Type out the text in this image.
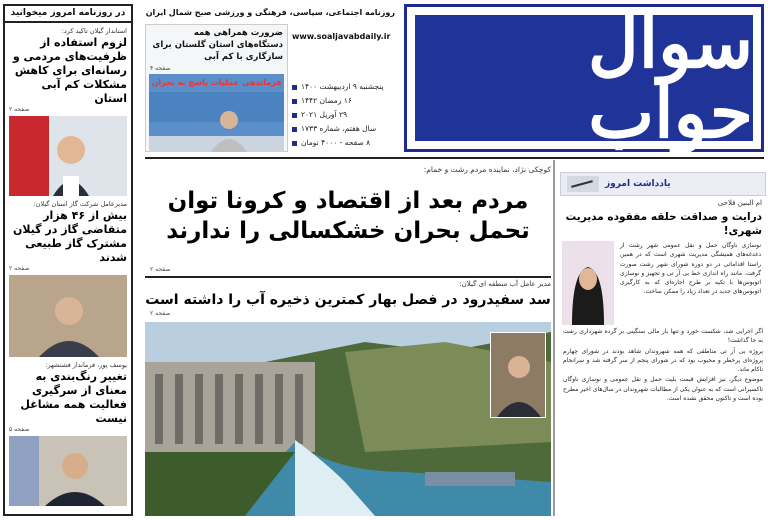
در روزنامه امروز میخوانید
استاندار گیلان تاکید کرد:
لزوم استفاده از ظرفیت‌های مردمی و رسانه‌ای برای کاهش مشکلات کم آبی استان
صفحه ۲
مدیرعامل شرکت گاز استان گیلان:
بیش از ۴۶ هزار متقاضی گاز در گیلان مشترک گاز طبیعی شدند
صفحه ۲
یوسف پور، فرماندار فشتشهر:
تغییر رنگ‌بندی به معنای از سرگیری فعالیت همه مشاغل نیست
صفحه ۵
سوال جواب
روزنامه اجتماعی، سیاسی، فرهنگی و ورزشی صبح شمال ایران
www.soaljavabdaily.ir
پنجشنبه ۹ اردیبهشت ۱۴۰۰
۱۶ رمضان ۱۴۴۲
۲۹ آوریل ۲۰۲۱
سال هفتم، شماره ۱۷۳۳
۸ صفحه - ۴۰۰۰ تومان
ضرورت همراهی همه دستگاه‌های استان گلستان برای سازگاری با کم آبی
صفحه ۴
فرماندهی عملیات پاسخ به بحران
کوچکی نژاد، نماینده مردم رشت و خمام:
مردم بعد از اقتصاد و کرونا توان
تحمل بحران خشکسالی را ندارند
صفحه ۲
مدیر عامل آب منطقه ای گیلان:
سد سفیدرود در فصل بهار کمترین ذخیره آب را داشته است
صفحه ۲
یادداشت امروز
ام البنین فلاحی
درایت و صداقت حلقه مفقوده مدیریت شهری!

نوسازی ناوگان حمل و نقل عمومی شهر رشت از دغدغه‌های همیشگی مدیریت شهری است که در همین راستا اقداماتی در دو دوره شورای شهر رشت صورت گرفت. مانند راه اندازی خط بی آر تی و تجهیز و نوسازی اتوبوس‌ها با تکیه بر طرح اجاره‌ای که به کارگیری اتوبوس‌های جدید در تعداد زیاد را ممکن ساخت.

اگر اجرایی شد، شکست خورد و تنها بار مالی سنگینی بر گرده شهرداری رشت به جا گذاشت!

پروژه بی آر تی مناطقی که همه شهروندان شاهد بودند در شورای چهارم پروژه‌ای پرخطر و محبوب بود که در شورای پنجم از سر گرفته شد و سرانجام ناکام ماند.

موضوع دیگر، نیز افزایش قیمت بلیت حمل و نقل عمومی و نوسازی ناوگان تاکسیرانی است که به عنوان یکی از مطالبات شهروندان در سال‌های اخیر مطرح بوده است و تاکنون محقق نشده است.
